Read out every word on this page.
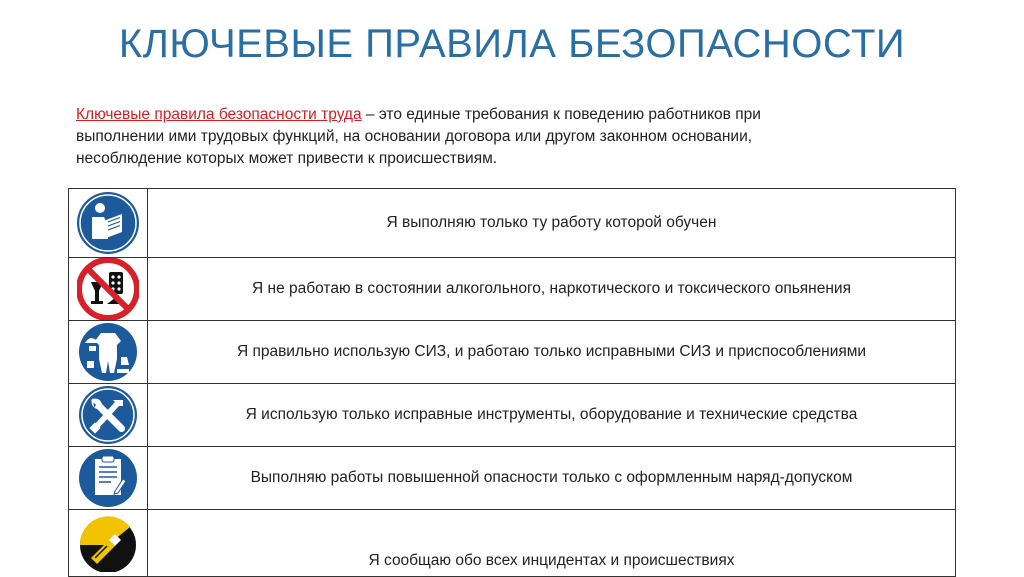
КЛЮЧЕВЫЕ ПРАВИЛА БЕЗОПАСНОСТИ
Ключевые правила безопасности труда – это единые требования к поведению работников при
выполнении ими трудовых функций, на основании договора или другом законном основании,
несоблюдение которых может привести к происшествиям.
	Я выполняю только ту работу которой обучен

	Я не работаю в состоянии алкогольного, наркотического и токсического опьянения

	Я правильно использую СИЗ, и работаю только исправными СИЗ и приспособлениями

	Я использую только исправные инструменты, оборудование и технические средства

	Выполняю работы повышенной опасности только с оформленным наряд-допуском

	Я сообщаю обо всех инцидентах и происшествиях
